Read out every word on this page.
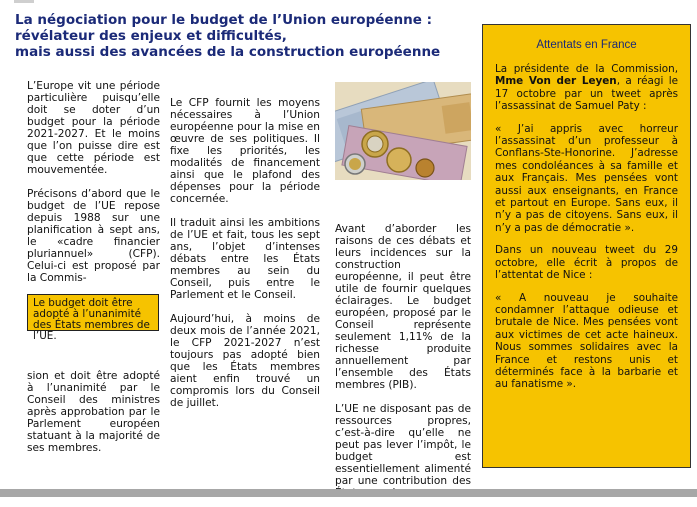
La négociation pour le budget de l’Union européenne :
révélateur des enjeux et difficultés,
mais aussi des avancées de la construction européenne

L’Europe vit une période particulière puisqu’elle doit se doter d’un budget pour la période 2021-2027. Et le moins que l’on puisse dire est que cette période est mouvementée.

Précisons d’abord que le budget de l’UE repose depuis 1988 sur une planification à sept ans, le «cadre financier pluriannuel» (CFP). Celui-ci est proposé par la Commis-

Le budget doit être adopté à l’unanimité des États membres de l’UE.

sion et doit être adopté à l’unanimité par le Conseil des ministres après approbation par le Parlement européen statuant à la majorité de ses membres.

Le CFP fournit les moyens nécessaires à l’Union européenne pour la mise en œuvre de ses politiques. Il fixe les priorités, les modalités de financement ainsi que le plafond des dépenses pour la période concernée.

Il traduit ainsi les ambitions de l’UE et fait, tous les sept ans, l’objet d’intenses débats entre les États membres au sein du Conseil, puis entre le Parlement et le Conseil.

Aujourd’hui, à moins de deux mois de l’année 2021, le CFP 2021-2027 n’est toujours pas adopté bien que les États membres aient enfin trouvé un compromis lors du Conseil de juillet.

Avant d’aborder les raisons de ces débats et leurs incidences sur la construction européenne, il peut être utile de fournir quelques éclairages. Le budget européen, proposé par le Conseil représente seulement 1,11% de la richesse produite annuellement par l’ensemble des États membres (PIB).

L’UE ne disposant pas de ressources propres, c’est-à-dire qu’elle ne peut pas lever l’impôt, le budget est essentiellement alimenté par une contribution des

Attentats en France

La présidente de la Commission, Mme Von der Leyen, a réagi le 17 octobre par un tweet après l’assassinat de Samuel Paty :

« J’ai appris avec horreur l’assassinat d’un professeur à Conflans-Ste-Honorine. J’adresse mes condoléances à sa famille et aux Français. Mes pensées vont aussi aux enseignants, en France et partout en Europe. Sans eux, il n’y a pas de citoyens. Sans eux, il n’y a pas de démocratie ».

Dans un nouveau tweet du 29 octobre, elle écrit à propos de l’attentat de Nice :

« A nouveau je souhaite condamner l’attaque odieuse et brutale de Nice. Mes pensées vont aux victimes de cet acte haineux. Nous sommes solidaires avec la France et restons unis et déterminés face à la barbarie et au fanatisme ».
